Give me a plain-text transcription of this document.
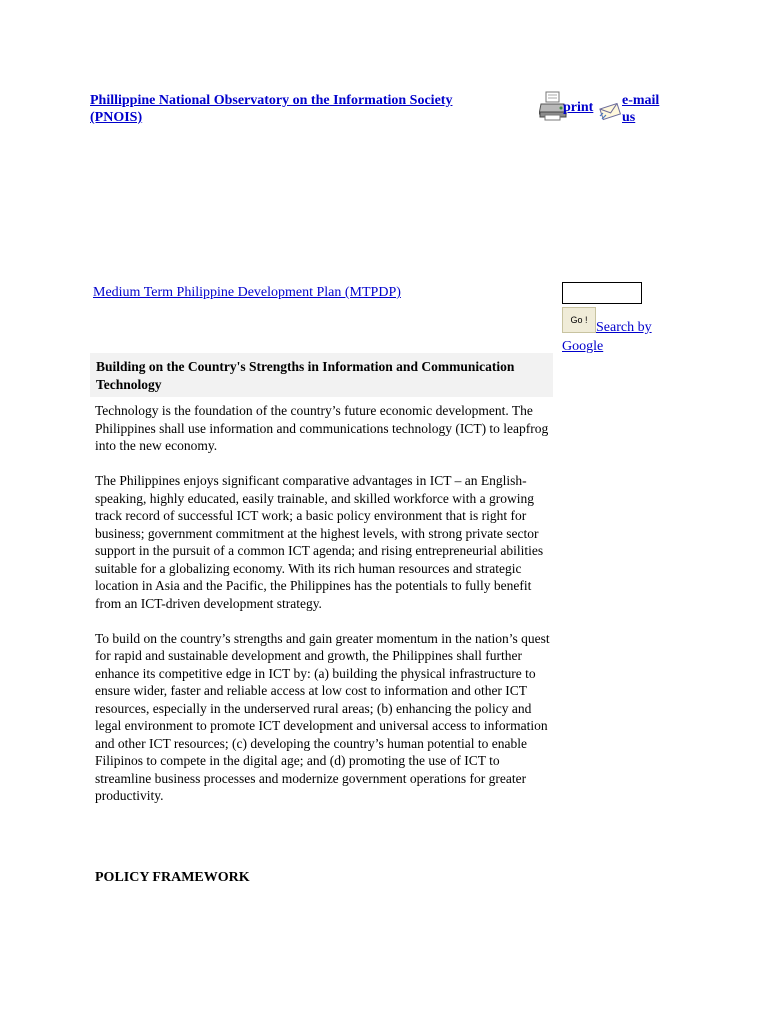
Phillippine National Observatory on the Information Society (PNOIS)
print e-mail us
Medium Term Philippine Development Plan (MTPDP)
Go ! Search by Google
Building on the Country's Strengths in Information and Communication Technology

Technology is the foundation of the country’s future economic development. The Philippines shall use information and communications technology (ICT) to leapfrog into the new economy.

The Philippines enjoys significant comparative advantages in ICT – an English-speaking, highly educated, easily trainable, and skilled workforce with a growing track record of successful ICT work; a basic policy environment that is right for business; government commitment at the highest levels, with strong private sector support in the pursuit of a common ICT agenda; and rising entrepreneurial abilities suitable for a globalizing economy. With its rich human resources and strategic location in Asia and the Pacific, the Philippines has the potentials to fully benefit from an ICT-driven development strategy.

To build on the country’s strengths and gain greater momentum in the nation’s quest for rapid and sustainable development and growth, the Philippines shall further enhance its competitive edge in ICT by: (a) building the physical infrastructure to ensure wider, faster and reliable access at low cost to information and other ICT resources, especially in the underserved rural areas; (b) enhancing the policy and legal environment to promote ICT development and universal access to information and other ICT resources; (c) developing the country’s human potential to enable Filipinos to compete in the digital age; and (d) promoting the use of ICT to streamline business processes and modernize government operations for greater productivity.

POLICY FRAMEWORK
